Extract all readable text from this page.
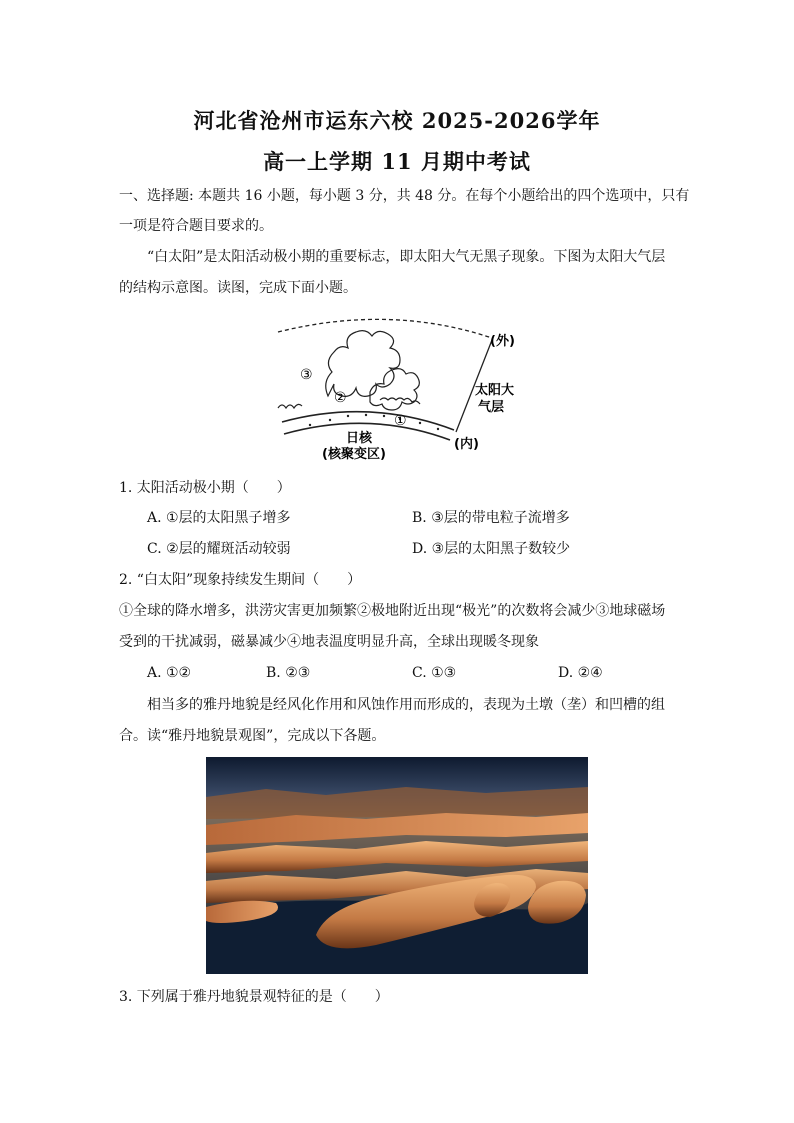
河北省沧州市运东六校 2025-2026学年
高一上学期 11 月期中考试
一、选择题: 本题共 16 小题，每小题 3 分，共 48 分。在每个小题给出的四个选项中，只有
一项是符合题目要求的。
“白太阳”是太阳活动极小期的重要标志，即太阳大气无黑子现象。下图为太阳大气层
的结构示意图。读图，完成下面小题。
③
②
①
(外)
太阳大
气层
(内)
日核
(核聚变区)
1. 太阳活动极小期（　　）
A. ①层的太阳黑子增多	B. ③层的带电粒子流增多
C. ②层的耀斑活动较弱	D. ③层的太阳黑子数较少
2. “白太阳”现象持续发生期间（　　）
①全球的降水增多，洪涝灾害更加频繁②极地附近出现“极光”的次数将会减少③地球磁场
受到的干扰减弱，磁暴减少④地表温度明显升高，全球出现暖冬现象
A. ①②	B. ②③	C. ①③	D. ②④
相当多的雅丹地貌是经风化作用和风蚀作用而形成的，表现为土墩（垄）和凹槽的组
合。读“雅丹地貌景观图”，完成以下各题。
3. 下列属于雅丹地貌景观特征的是（　　）
